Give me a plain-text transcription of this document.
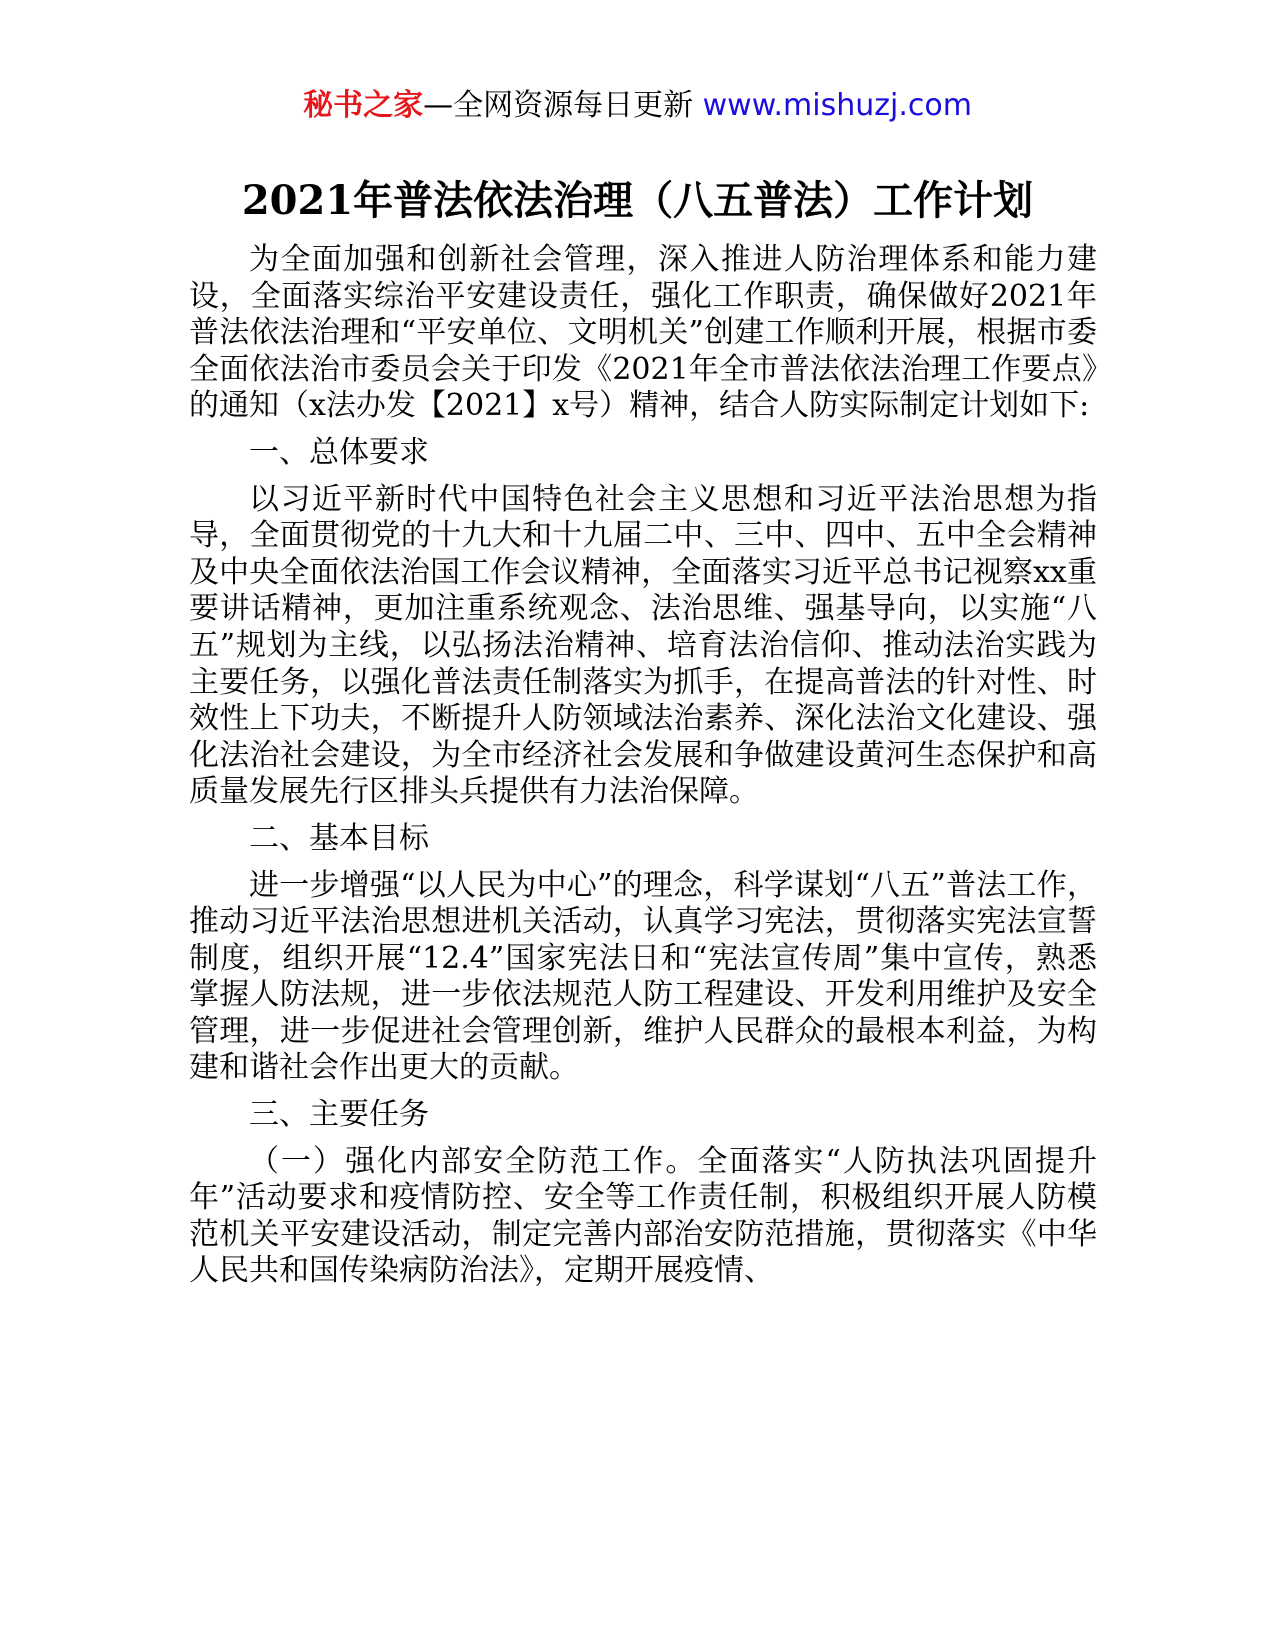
秘书之家—全网资源每日更新 www.mishuzj.com
2021年普法依法治理（八五普法）工作计划

为全面加强和创新社会管理，深入推进人防治理体系和能力建设，全面落实综治平安建设责任，强化工作职责，确保做好2021年普法依法治理和“平安单位、文明机关”创建工作顺利开展，根据市委全面依法治市委员会关于印发《2021年全市普法依法治理工作要点》的通知（x法办发【2021】x号）精神，结合人防实际制定计划如下:

一、总体要求

以习近平新时代中国特色社会主义思想和习近平法治思想为指导，全面贯彻党的十九大和十九届二中、三中、四中、五中全会精神及中央全面依法治国工作会议精神，全面落实习近平总书记视察xx重要讲话精神，更加注重系统观念、法治思维、强基导向，以实施“八五”规划为主线，以弘扬法治精神、培育法治信仰、推动法治实践为主要任务，以强化普法责任制落实为抓手，在提高普法的针对性、时效性上下功夫，不断提升人防领域法治素养、深化法治文化建设、强化法治社会建设，为全市经济社会发展和争做建设黄河生态保护和高质量发展先行区排头兵提供有力法治保障。

二、基本目标

进一步增强“以人民为中心”的理念，科学谋划“八五”普法工作，推动习近平法治思想进机关活动，认真学习宪法，贯彻落实宪法宣誓制度，组织开展“12.4”国家宪法日和“宪法宣传周”集中宣传，熟悉掌握人防法规，进一步依法规范人防工程建设、开发利用维护及安全管理，进一步促进社会管理创新，维护人民群众的最根本利益，为构建和谐社会作出更大的贡献。

三、主要任务

（一）强化内部安全防范工作。全面落实“人防执法巩固提升年”活动要求和疫情防控、安全等工作责任制，积极组织开展人防模范机关平安建设活动，制定完善内部治安防范措施，贯彻落实《中华人民共和国传染病防治法》，定期开展疫情、
